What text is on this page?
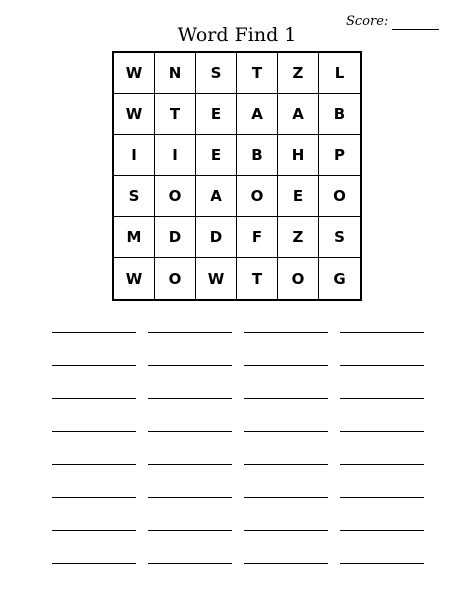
Score:
Word Find 1
W	N	S	T	Z	L
W	T	E	A	A	B
I	I	E	B	H	P
S	O	A	O	E	O
M	D	D	F	Z	S
W	O	W	T	O	G
